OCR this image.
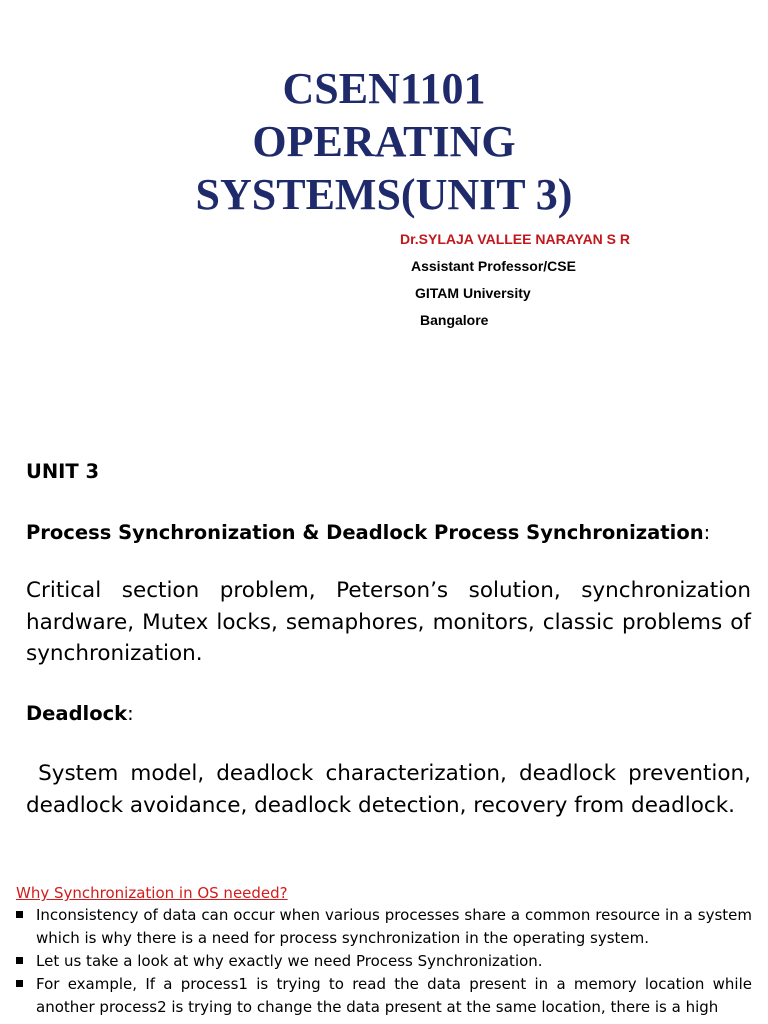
CSEN1101
OPERATING
SYSTEMS(UNIT 3)
Dr.SYLAJA VALLEE NARAYAN S R
Assistant Professor/CSE
GITAM University
Bangalore
UNIT 3
Process Synchronization & Deadlock Process Synchronization:

Critical section problem, Peterson’s solution, synchronization hardware, Mutex locks, semaphores, monitors, classic problems of synchronization.

Deadlock:

System model, deadlock characterization, deadlock prevention, deadlock avoidance, deadlock detection, recovery from deadlock.

Why Synchronization in OS needed?
Inconsistency of data can occur when various processes share a common resource in a system which is why there is a need for process synchronization in the operating system.
Let us take a look at why exactly we need Process Synchronization.
For example, If a process1 is trying to read the data present in a memory location while another process2 is trying to change the data present at the same location, there is a high
